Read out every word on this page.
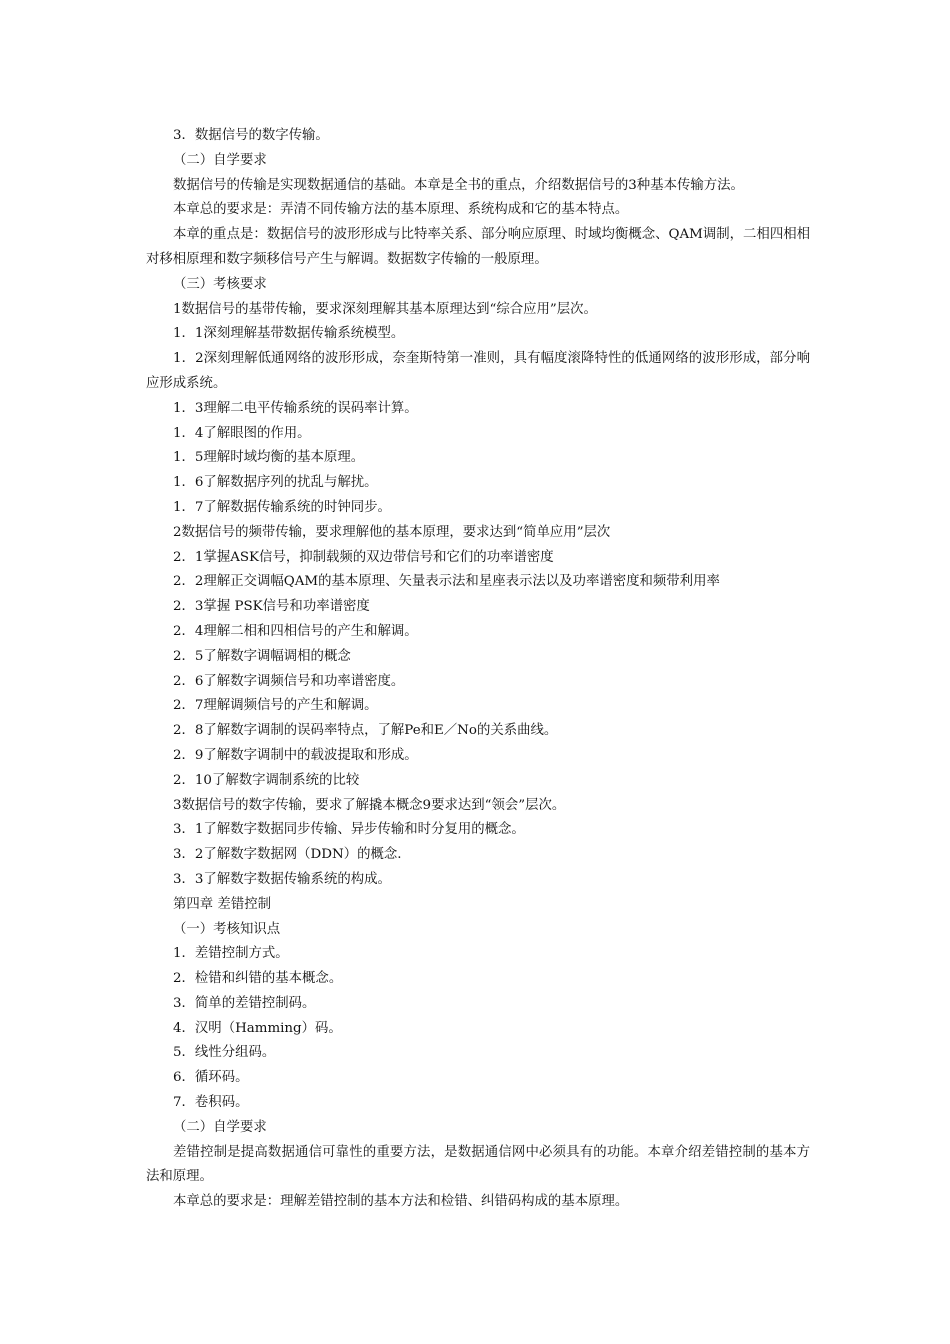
3．数据信号的数字传输。
（二）自学要求
数据信号的传输是实现数据通信的基础。本章是全书的重点，介绍数据信号的3种基本传输方法。
本章总的要求是：弄清不同传输方法的基本原理、系统构成和它的基本特点。
本章的重点是：数据信号的波形形成与比特率关系、部分响应原理、时域均衡概念、QAM调制，二相四相相对移相原理和数字频移信号产生与解调。数据数字传输的一般原理。
（三）考核要求
1数据信号的基带传输，要求深刻理解其基本原理达到“综合应用”层次。
1．1深刻理解基带数据传输系统模型。
1．2深刻理解低通网络的波形形成，奈奎斯特第一准则，具有幅度滚降特性的低通网络的波形形成，部分响应形成系统。
1．3理解二电平传输系统的误码率计算。
1．4了解眼图的作用。
1．5理解时域均衡的基本原理。
1．6了解数据序列的扰乱与解扰。
1．7了解数据传输系统的时钟同步。
2数据信号的频带传输，要求理解他的基本原理，要求达到“简单应用”层次
2．1掌握ASK信号，抑制载频的双边带信号和它们的功率谱密度
2．2理解正交调幅QAM的基本原理、矢量表示法和星座表示法以及功率谱密度和频带利用率
2．3掌握 PSK信号和功率谱密度
2．4理解二相和四相信号的产生和解调。
2．5了解数字调幅调相的概念
2．6了解数字调频信号和功率谱密度。
2．7理解调频信号的产生和解调。
2．8了解数字调制的误码率特点，了解Pe和E／No的关系曲线。
2．9了解数字调制中的载波提取和形成。
2．10了解数字调制系统的比较
3数据信号的数字传输，要求了解撬本概念9要求达到“领会”层次。
3．1了解数字数据同步传输、异步传输和时分复用的概念。
3．2了解数字数据网（DDN）的概念.
3．3了解数字数据传输系统的构成。
第四章 差错控制
（一）考核知识点
1．差错控制方式。
2．检错和纠错的基本概念。
3．简单的差错控制码。
4．汉明（Hamming）码。
5．线性分组码。
6．循环码。
7．卷积码。
（二）自学要求
差错控制是提高数据通信可靠性的重要方法，是数据通信网中必须具有的功能。本章介绍差错控制的基本方法和原理。
本章总的要求是：理解差错控制的基本方法和检错、纠错码构成的基本原理。
